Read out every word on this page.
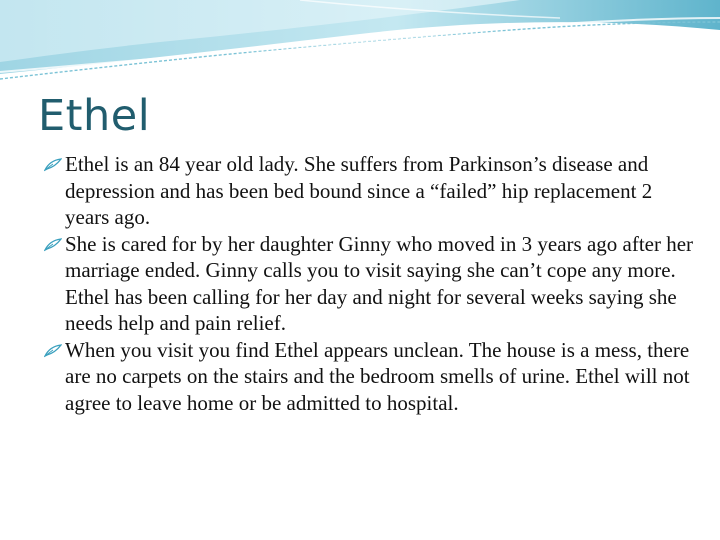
Ethel
Ethel is an 84 year old lady. She suffers from Parkinson’s disease and depression and has been bed bound since a “failed” hip replacement 2 years ago.
She is cared for by her daughter Ginny who moved in 3 years ago after her marriage ended. Ginny calls you to visit saying she can’t cope any more. Ethel has been calling for her day and night for several weeks saying she needs help and pain relief.
When you visit you find Ethel appears unclean. The house is a mess, there are no carpets on the stairs and the bedroom smells of urine. Ethel will not agree to leave home or be admitted to hospital.
